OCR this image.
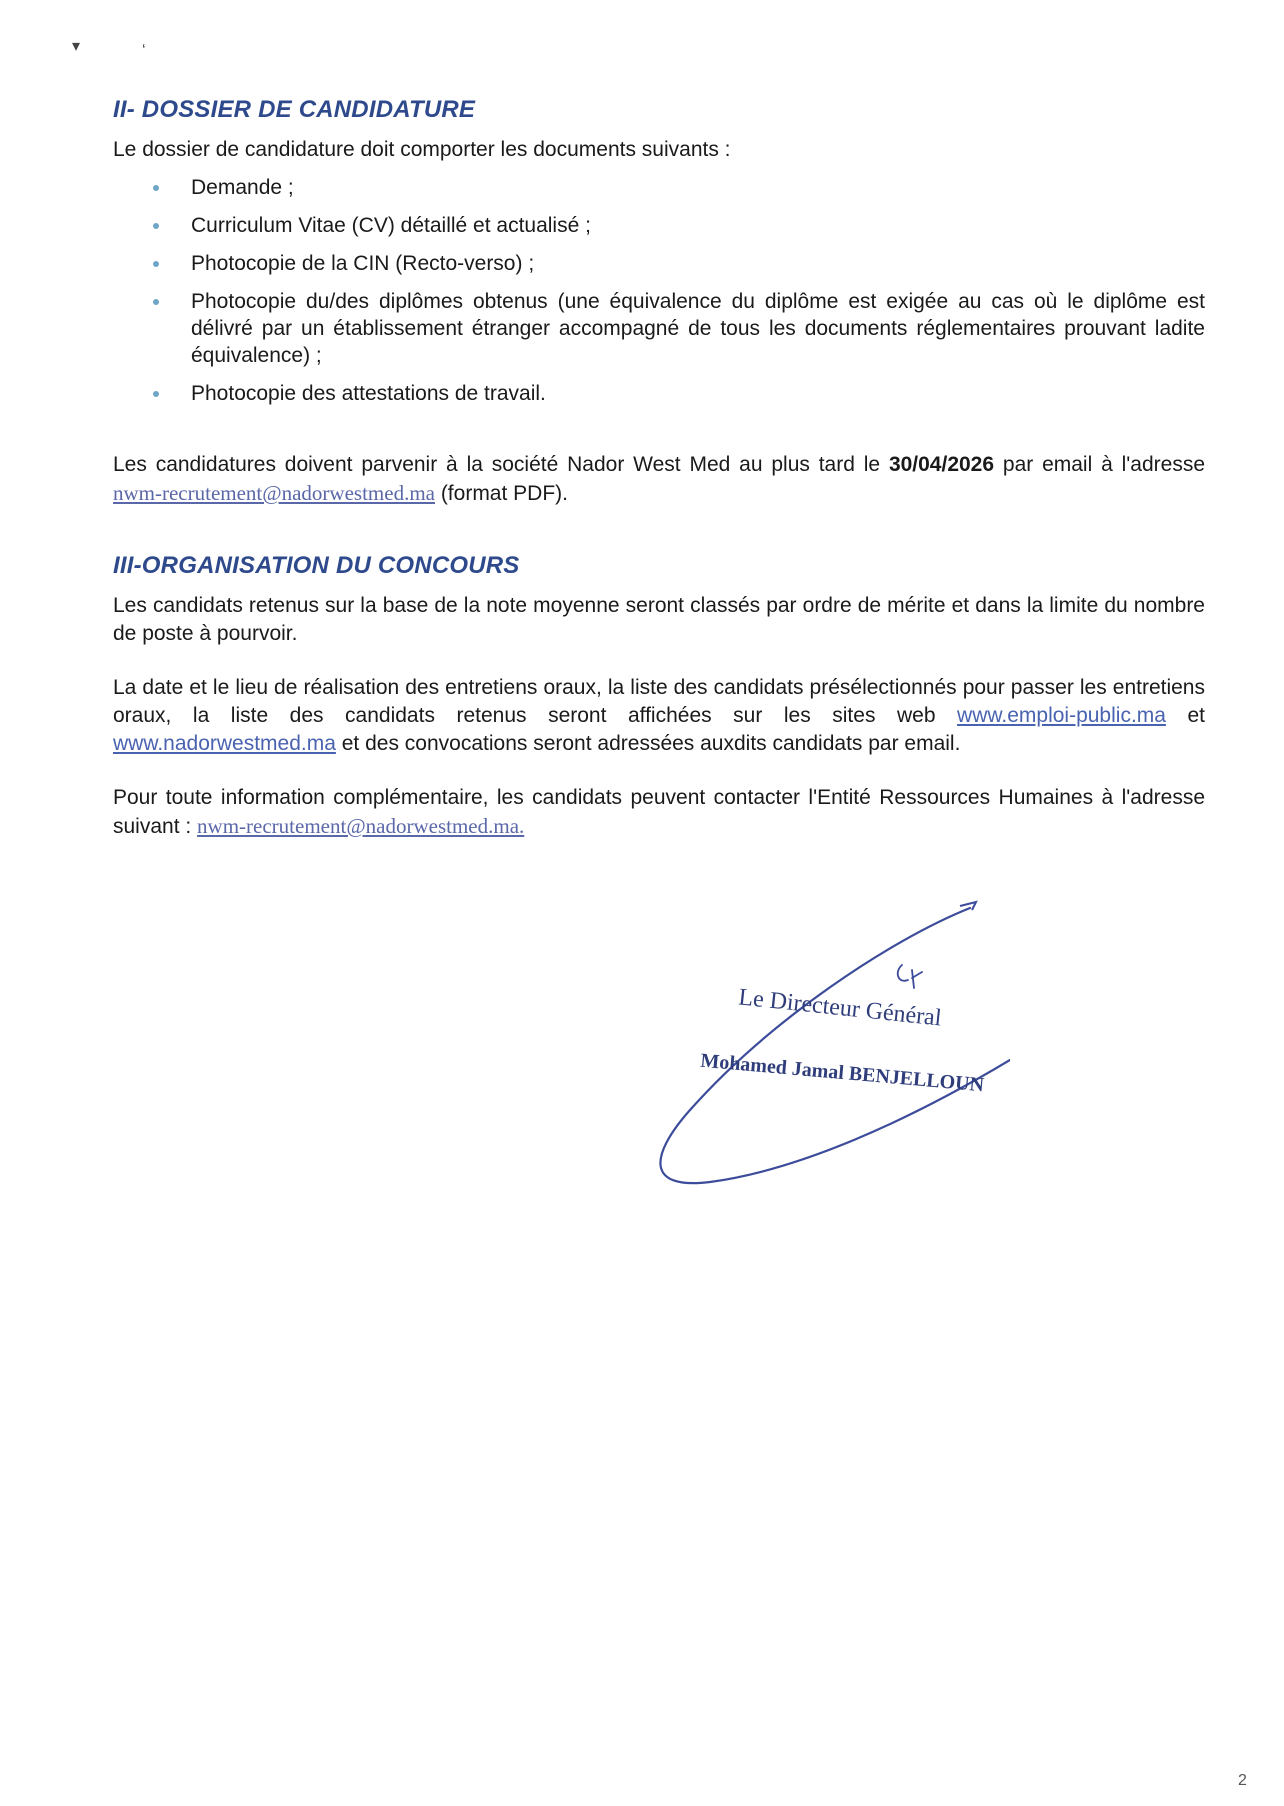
▾	‘
II- DOSSIER DE CANDIDATURE

Le dossier de candidature doit comporter les documents suivants :

Demande ;
Curriculum Vitae (CV) détaillé et actualisé ;
Photocopie de la CIN (Recto-verso) ;
Photocopie du/des diplômes obtenus (une équivalence du diplôme est exigée au cas où le diplôme est délivré par un établissement étranger accompagné de tous les documents réglementaires prouvant ladite équivalence) ;
Photocopie des attestations de travail.

Les candidatures doivent parvenir à la société Nador West Med au plus tard le 30/04/2026 par email à l'adresse nwm-recrutement@nadorwestmed.ma (format PDF).

III-ORGANISATION DU CONCOURS

Les candidats retenus sur la base de la note moyenne seront classés par ordre de mérite et dans la limite du nombre de poste à pourvoir.

La date et le lieu de réalisation des entretiens oraux, la liste des candidats présélectionnés pour passer les entretiens oraux, la liste des candidats retenus seront affichées sur les sites web www.emploi-public.ma et www.nadorwestmed.ma et des convocations seront adressées auxdits candidats par email.

Pour toute information complémentaire, les candidats peuvent contacter l'Entité Ressources Humaines à l'adresse suivant : nwm-recrutement@nadorwestmed.ma.

Le Directeur Général
Mohamed Jamal BENJELLOUN
2
